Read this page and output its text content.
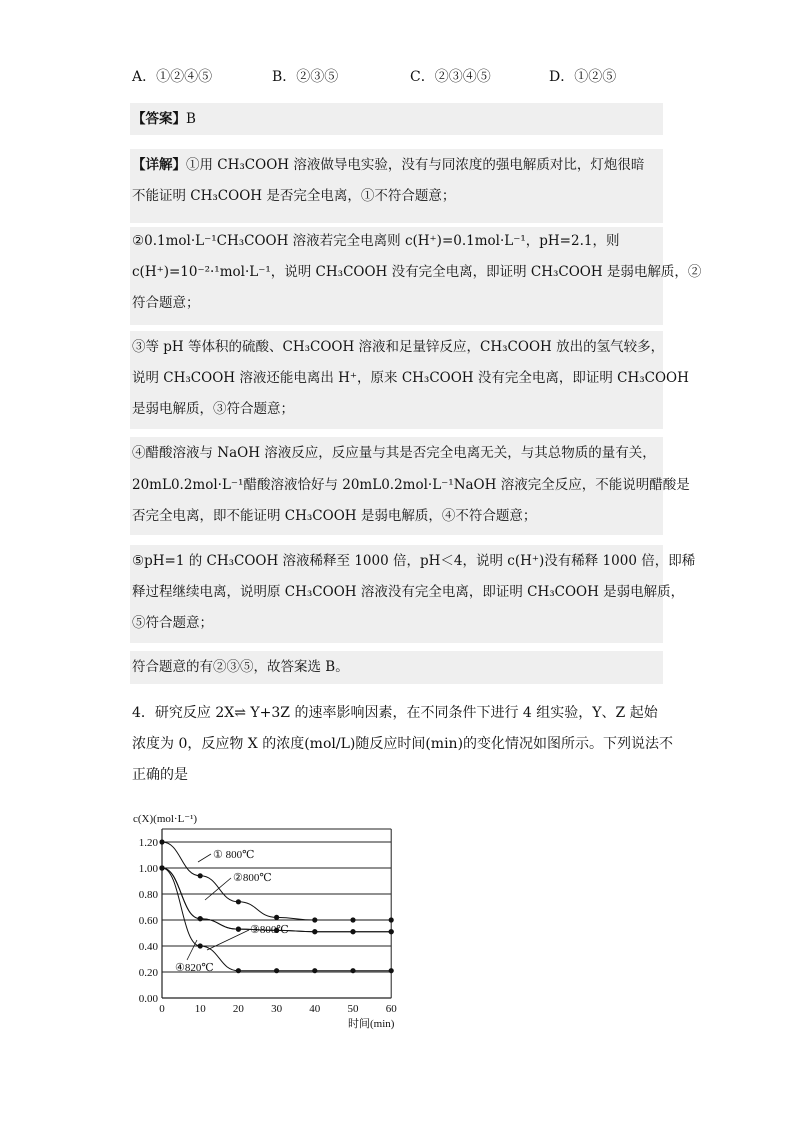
A．①②④⑤	B．②③⑤	C．②③④⑤	D．①②⑤
【答案】B
【详解】①用 CH₃COOH 溶液做导电实验，没有与同浓度的强电解质对比，灯炮很暗
不能证明 CH₃COOH 是否完全电离，①不符合题意；
②0.1mol·L⁻¹CH₃COOH 溶液若完全电离则 c(H⁺)=0.1mol·L⁻¹，pH=2.1，则
c(H⁺)=10⁻²·¹mol·L⁻¹，说明 CH₃COOH 没有完全电离，即证明 CH₃COOH 是弱电解质，②
符合题意；
③等 pH 等体积的硫酸、CH₃COOH 溶液和足量锌反应，CH₃COOH 放出的氢气较多，
说明 CH₃COOH 溶液还能电离出 H⁺，原来 CH₃COOH 没有完全电离，即证明 CH₃COOH
是弱电解质，③符合题意；
④醋酸溶液与 NaOH 溶液反应，反应量与其是否完全电离无关，与其总物质的量有关，
20mL0.2mol·L⁻¹醋酸溶液恰好与 20mL0.2mol·L⁻¹NaOH 溶液完全反应，不能说明醋酸是
否完全电离，即不能证明 CH₃COOH 是弱电解质，④不符合题意；
⑤pH=1 的 CH₃COOH 溶液稀释至 1000 倍，pH＜4，说明 c(H⁺)没有稀释 1000 倍，即稀
释过程继续电离，说明原 CH₃COOH 溶液没有完全电离，即证明 CH₃COOH 是弱电解质，
⑤符合题意；
符合题意的有②③⑤，故答案选 B。
4．研究反应 2X⇌ Y+3Z 的速率影响因素，在不同条件下进行 4 组实验，Y、Z 起始
浓度为 0，反应物 X 的浓度(mol/L)随反应时间(min)的变化情况如图所示。下列说法不
正确的是
0.00
0.20
0.40
0.60
0.80
1.00
1.20
0	10 20 30 40 50 60
c(X)(mol·L⁻¹)
时间(min)
① 800℃
②800℃
③800℃
④820℃
